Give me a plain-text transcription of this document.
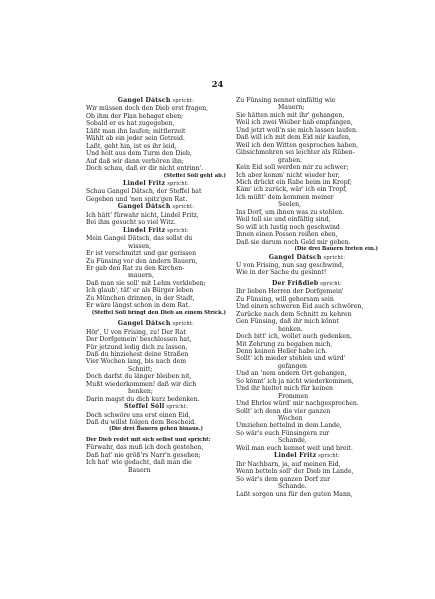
24
Gangel Dätsch spricht:
Wir müssen doch den Dieb erst fragen,
Ob ihm der Plan behaget eben;
Sobald er es hat zugegeben,
Läßt man ihn laufen; mittlerzeit
Wählt ab ein jeder sein Getreid.
Laßt, geht hin, ist es ihr leid,
Und holt aus dem Turm den Dieb,
Auf daß wir dann verhören ihn;
Doch schau, daß er dir nicht entrinn'.
(Steffel Söll geht ab.)
Lindel Fritz spricht:
Schau Gangel Dätsch, der Steffel hat
Gegeben und 'nen spitz'gen Rat.
Gangel Dätsch spricht:
Ich hätt' fürwahr nicht, Lindel Fritz,
Bei ihm gesucht so viel Witz.
Lindel Fritz spricht:
Mein Gangel Dätsch, das sollst du
wissen,
Er ist verschmitzt und gar gerissen
Zu Fünsing vor den andern Bauern,
Er gab den Rat zu den Kirchen-
mauern,
Daß man sie soll' mit Lehm verkleben;
Ich glaub', täť' er als Bürger leben
Zu München drinnen, in der Stadt,
Er wäre längst schon in dem Rat.
(Steffel Söll bringt den Dieb an einem Strick.)
Gangel Dätsch spricht:
Hör', U von Frising, zu! Der Rat
Der Dorfgemein' beschlossen hat,
Für jetzund ledig dich zu lassen,
Daß du hinziehest deine Straßen
Vier Wochen lang, bis nach dem
Schnitt;
Doch darfst du länger bleiben nit,
Mußt wiederkommen! daß wir dich
henken;
Darin magst du dich kurz bedenken.
Steffel Söll spricht:
Doch schwöre uns erst einen Eid,
Daß du willst folgen dem Bescheid.
(Die drei Bauern gehen hinaus.)
Der Dieb redet mit sich selbst und spricht:
Fürwahr, das muß ich doch gestehen,
Daß hat' nie größ'rs Narr'n gesehen;
Ich hat' wie gedacht, daß man die
Bauern
Zu Fünsing nennet einfältig wie
Mauern;
Sie hätten mich mit ihr' gehangen,
Weil ich zwei Weiber hab empfangen,
Und jetzt woll'n sie mich lassen laufen.
Daß will ich mit dem Eid mir kaufen,
Weil ich den Witten gesprochen haben,
Gibsichmohren sei leichter als Rüben-
graben.
Kein Eid soll werden mir zu schwer;
Ich aber komm' nicht wieder her,
Mich drückt ein Rabe beim im Kropf;
Käm' ich zurück, wär' ich ein Tropf,
Ich müßt' dem kommen meiner
Seelen,
Ins Dorf, um ihnen was zu stehlen.
Weil toll sie und einfältig sind,
So will ich lustig noch geschwind
Ihnen einen Possen reißen eben,
Daß sie darum noch Geld mir geben.
(Die drei Bauern treten ein.)
Gangel Dätsch spricht:
U von Frising, nun sag geschwind,
Wie in der Sache du gesinnt!
Der Frißdieb spricht:
Ihr lieben Herren der Dorfgemein'
Zu Fünsing, will gehorsam sein
Und einen schweren Eid auch schwören,
Zurücke nach dem Schnitt zu kehren
Gen Fünsing, daß ihr mich könnt
henken.
Doch bitt' ich, wollet auch gedenken,
Mit Zehrung zu begaben mich,
Denn keinen Heller habe ich.
Sollt' ich mieder stehlen und würd'
gefangen
Und an 'nem andern Ort gehangen,
So könnt' ich ja nicht wiederkommen,
Und ihr hieltet mich für keinen
Frommen
Und Ehrlos würd' mir nachgesprochen.
Sollt' ich denn die vier ganzen
Wochen
Umziehen bettelnd in dem Lande,
So wär's euch Fünsingern zur
Schande,
Weil man euch kennet weit und breit.
Lindel Fritz spricht:
Ihr Nachbarn, ja, auf meinen Eid,
Wenn betteln soll' der Dieb im Lande,
So wär's dem ganzen Dorf zur
Schande.
Laßt sorgen uns für den guten Mann,
